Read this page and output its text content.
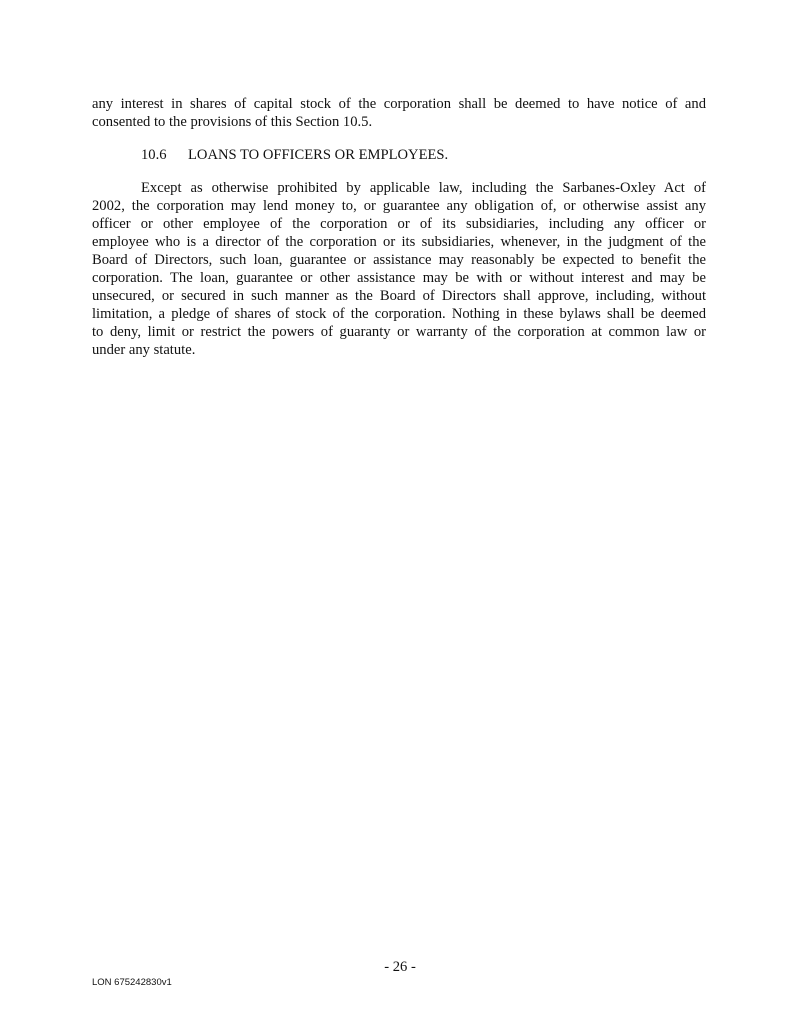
any interest in shares of capital stock of the corporation shall be deemed to have notice of and
consented to the provisions of this Section 10.5.
10.6 LOANS TO OFFICERS OR EMPLOYEES.
Except as otherwise prohibited by applicable law, including the Sarbanes-Oxley Act of
2002, the corporation may lend money to, or guarantee any obligation of, or otherwise assist any
officer or other employee of the corporation or of its subsidiaries, including any officer or
employee who is a director of the corporation or its subsidiaries, whenever, in the judgment of the
Board of Directors, such loan, guarantee or assistance may reasonably be expected to benefit the
corporation. The loan, guarantee or other assistance may be with or without interest and may be
unsecured, or secured in such manner as the Board of Directors shall approve, including, without
limitation, a pledge of shares of stock of the corporation. Nothing in these bylaws shall be deemed
to deny, limit or restrict the powers of guaranty or warranty of the corporation at common law or
under any statute.
- 26 -
LON 675242830v1
